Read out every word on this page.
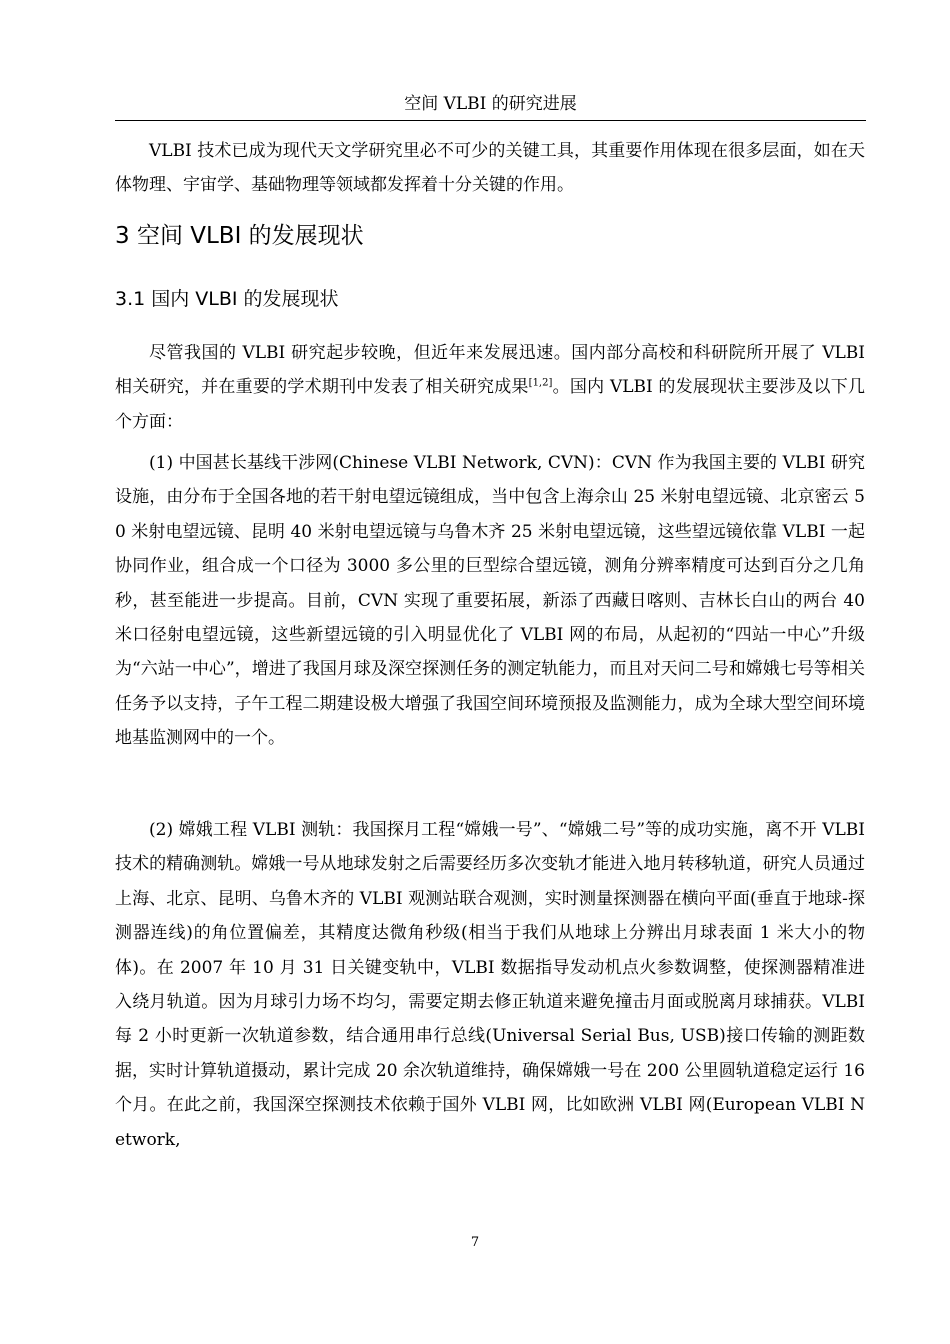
空间 VLBI 的研究进展

VLBI 技术已成为现代天文学研究里必不可少的关键工具，其重要作用体现在很多层面，如在天体物理、宇宙学、基础物理等领域都发挥着十分关键的作用。

3 空间 VLBI 的发展现状
3.1 国内 VLBI 的发展现状

尽管我国的 VLBI 研究起步较晚，但近年来发展迅速。国内部分高校和科研院所开展了 VLBI 相关研究，并在重要的学术期刊中发表了相关研究成果[1,2]。国内 VLBI 的发展现状主要涉及以下几个方面：

(1) 中国甚长基线干涉网(Chinese VLBI Network, CVN)：CVN 作为我国主要的 VLBI 研究设施，由分布于全国各地的若干射电望远镜组成，当中包含上海佘山 25 米射电望远镜、北京密云 50 米射电望远镜、昆明 40 米射电望远镜与乌鲁木齐 25 米射电望远镜，这些望远镜依靠 VLBI 一起协同作业，组合成一个口径为 3000 多公里的巨型综合望远镜，测角分辨率精度可达到百分之几角秒，甚至能进一步提高。目前，CVN 实现了重要拓展，新添了西藏日喀则、吉林长白山的两台 40 米口径射电望远镜，这些新望远镜的引入明显优化了 VLBI 网的布局，从起初的“四站一中心”升级为“六站一中心”，增进了我国月球及深空探测任务的测定轨能力，而且对天问二号和嫦娥七号等相关任务予以支持，子午工程二期建设极大增强了我国空间环境预报及监测能力，成为全球大型空间环境地基监测网中的一个。

(2) 嫦娥工程 VLBI 测轨：我国探月工程“嫦娥一号”、“嫦娥二号”等的成功实施，离不开 VLBI 技术的精确测轨。嫦娥一号从地球发射之后需要经历多次变轨才能进入地月转移轨道，研究人员通过上海、北京、昆明、乌鲁木齐的 VLBI 观测站联合观测，实时测量探测器在横向平面(垂直于地球-探测器连线)的角位置偏差，其精度达微角秒级(相当于我们从地球上分辨出月球表面 1 米大小的物体)。在 2007 年 10 月 31 日关键变轨中，VLBI 数据指导发动机点火参数调整，使探测器精准进入绕月轨道。因为月球引力场不均匀，需要定期去修正轨道来避免撞击月面或脱离月球捕获。VLBI 每 2 小时更新一次轨道参数，结合通用串行总线(Universal Serial Bus, USB)接口传输的测距数据，实时计算轨道摄动，累计完成 20 余次轨道维持，确保嫦娥一号在 200 公里圆轨道稳定运行 16 个月。在此之前，我国深空探测技术依赖于国外 VLBI 网，比如欧洲 VLBI 网(European VLBI Network,

7
